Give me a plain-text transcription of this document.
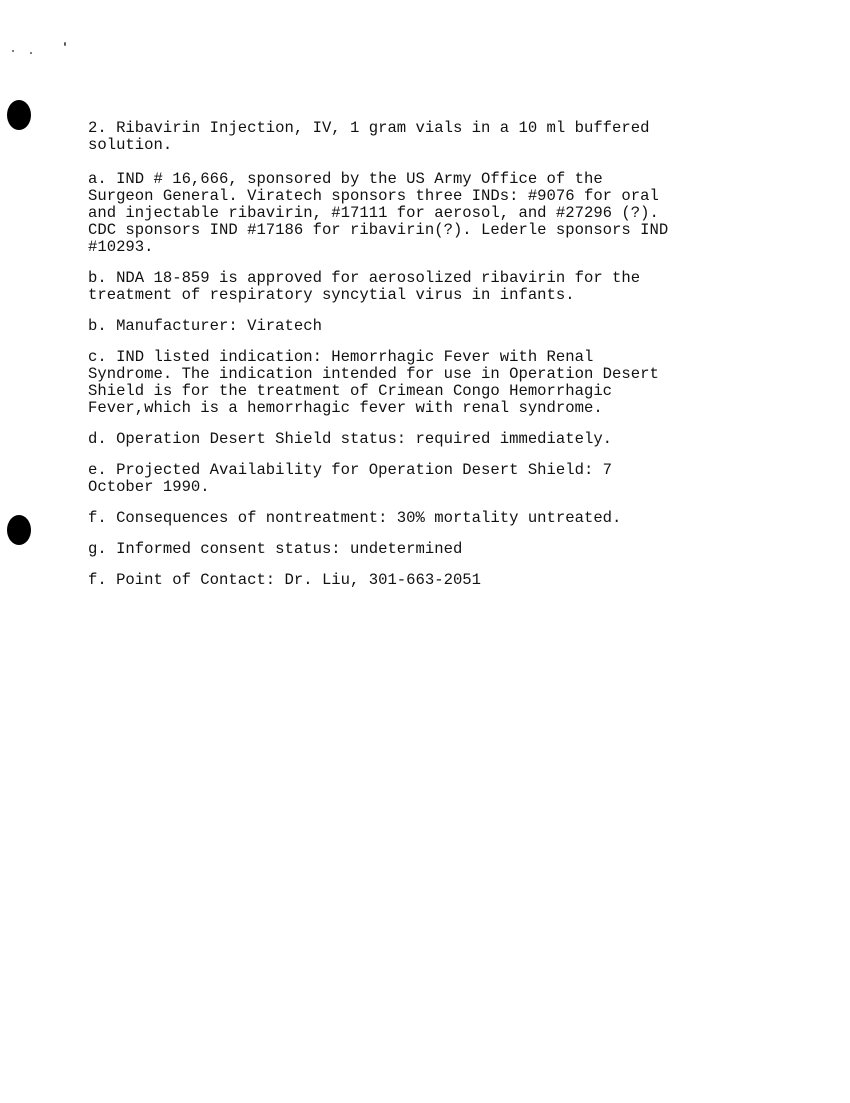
2. Ribavirin Injection, IV, 1 gram vials in a 10 ml buffered
solution.

a. IND # 16,666, sponsored by the US Army Office of the
Surgeon General. Viratech sponsors three INDs: #9076 for oral
and injectable ribavirin, #17111 for aerosol, and #27296 (?).
CDC sponsors IND #17186 for ribavirin(?). Lederle sponsors IND
#10293.

b. NDA 18-859 is approved for aerosolized ribavirin for the
treatment of respiratory syncytial virus in infants.

b. Manufacturer: Viratech

c. IND listed indication: Hemorrhagic Fever with Renal
Syndrome. The indication intended for use in Operation Desert
Shield is for the treatment of Crimean Congo Hemorrhagic
Fever,which is a hemorrhagic fever with renal syndrome.

d. Operation Desert Shield status: required immediately.

e. Projected Availability for Operation Desert Shield: 7
October 1990.

f. Consequences of nontreatment: 30% mortality untreated.

g. Informed consent status: undetermined

f. Point of Contact: Dr. Liu, 301-663-2051
